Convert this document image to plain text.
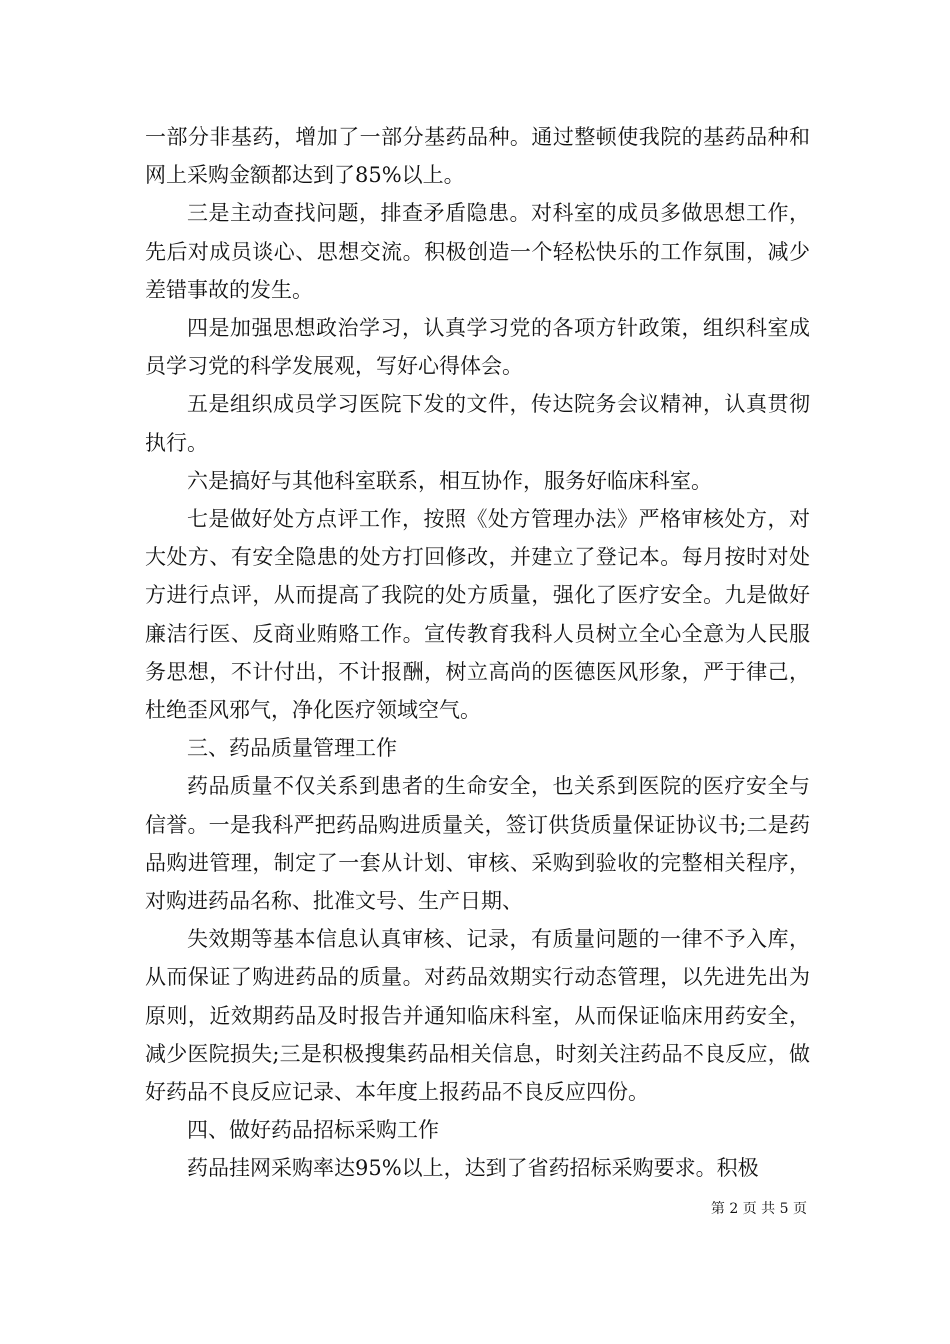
一部分非基药，增加了一部分基药品种。通过整顿使我院的基药品种和网上采购金额都达到了85%以上。

三是主动查找问题，排查矛盾隐患。对科室的成员多做思想工作，先后对成员谈心、思想交流。积极创造一个轻松快乐的工作氛围，减少差错事故的发生。

四是加强思想政治学习，认真学习党的各项方针政策，组织科室成员学习党的科学发展观，写好心得体会。

五是组织成员学习医院下发的文件，传达院务会议精神，认真贯彻执行。

六是搞好与其他科室联系，相互协作，服务好临床科室。

七是做好处方点评工作，按照《处方管理办法》严格审核处方，对大处方、有安全隐患的处方打回修改，并建立了登记本。每月按时对处方进行点评，从而提高了我院的处方质量，强化了医疗安全。九是做好廉洁行医、反商业贿赂工作。宣传教育我科人员树立全心全意为人民服务思想，不计付出，不计报酬，树立高尚的医德医风形象，严于律己，杜绝歪风邪气，净化医疗领域空气。

三、药品质量管理工作

药品质量不仅关系到患者的生命安全，也关系到医院的医疗安全与信誉。一是我科严把药品购进质量关，签订供货质量保证协议书;二是药品购进管理，制定了一套从计划、审核、采购到验收的完整相关程序，对购进药品名称、批准文号、生产日期、

失效期等基本信息认真审核、记录，有质量问题的一律不予入库，从而保证了购进药品的质量。对药品效期实行动态管理，以先进先出为原则，近效期药品及时报告并通知临床科室，从而保证临床用药安全，减少医院损失;三是积极搜集药品相关信息，时刻关注药品不良反应，做好药品不良反应记录、本年度上报药品不良反应四份。

四、做好药品招标采购工作

药品挂网采购率达95%以上，达到了省药招标采购要求。积极

第 2 页 共 5 页
